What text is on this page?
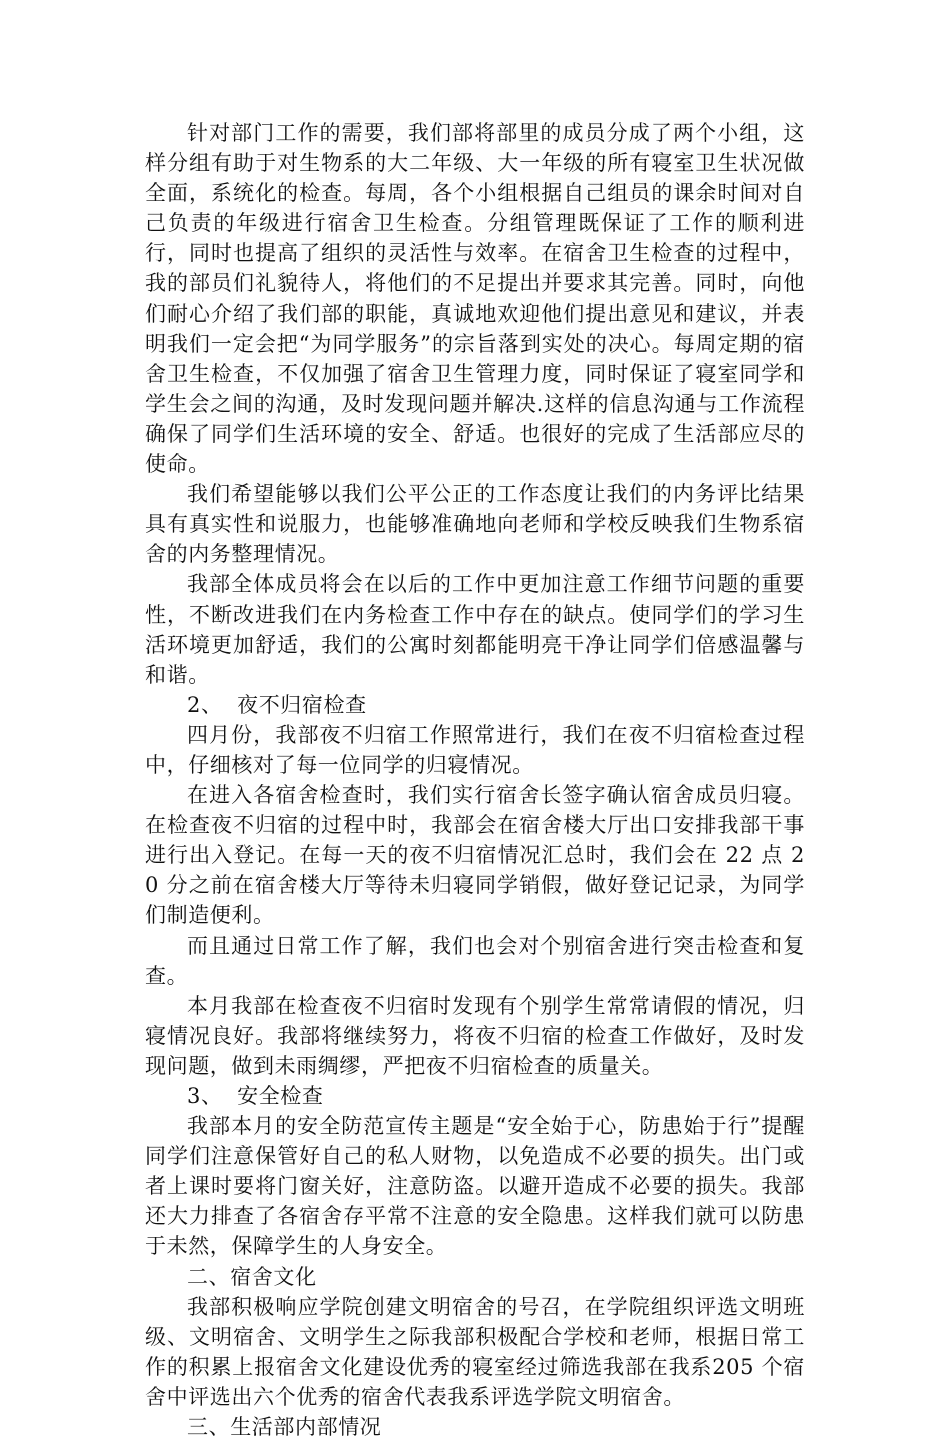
针对部门工作的需要，我们部将部里的成员分成了两个小组，这样分组有助于对生物系的大二年级、大一年级的所有寝室卫生状况做全面，系统化的检查。每周，各个小组根据自己组员的课余时间对自己负责的年级进行宿舍卫生检查。分组管理既保证了工作的顺利进行，同时也提高了组织的灵活性与效率。在宿舍卫生检查的过程中，我的部员们礼貌待人，将他们的不足提出并要求其完善。同时，向他们耐心介绍了我们部的职能，真诚地欢迎他们提出意见和建议，并表明我们一定会把“为同学服务”的宗旨落到实处的决心。每周定期的宿舍卫生检查，不仅加强了宿舍卫生管理力度，同时保证了寝室同学和学生会之间的沟通，及时发现问题并解决.这样的信息沟通与工作流程确保了同学们生活环境的安全、舒适。也很好的完成了生活部应尽的使命。

我们希望能够以我们公平公正的工作态度让我们的内务评比结果具有真实性和说服力，也能够准确地向老师和学校反映我们生物系宿舍的内务整理情况。

我部全体成员将会在以后的工作中更加注意工作细节问题的重要性，不断改进我们在内务检查工作中存在的缺点。使同学们的学习生活环境更加舒适，我们的公寓时刻都能明亮干净让同学们倍感温馨与和谐。

2、  夜不归宿检查

四月份，我部夜不归宿工作照常进行，我们在夜不归宿检查过程中，仔细核对了每一位同学的归寝情况。

在进入各宿舍检查时，我们实行宿舍长签字确认宿舍成员归寝。在检查夜不归宿的过程中时，我部会在宿舍楼大厅出口安排我部干事进行出入登记。在每一天的夜不归宿情况汇总时，我们会在 22 点 20 分之前在宿舍楼大厅等待未归寝同学销假，做好登记记录，为同学们制造便利。

而且通过日常工作了解，我们也会对个别宿舍进行突击检查和复查。

本月我部在检查夜不归宿时发现有个别学生常常请假的情况，归寝情况良好。我部将继续努力，将夜不归宿的检查工作做好，及时发现问题，做到未雨绸缪，严把夜不归宿检查的质量关。

3、  安全检查

我部本月的安全防范宣传主题是“安全始于心，防患始于行”提醒同学们注意保管好自己的私人财物，以免造成不必要的损失。出门或者上课时要将门窗关好，注意防盗。以避开造成不必要的损失。我部还大力排查了各宿舍存平常不注意的安全隐患。这样我们就可以防患于未然，保障学生的人身安全。

二、宿舍文化

我部积极响应学院创建文明宿舍的号召，在学院组织评选文明班级、文明宿舍、文明学生之际我部积极配合学校和老师，根据日常工作的积累上报宿舍文化建设优秀的寝室经过筛选我部在我系205 个宿舍中评选出六个优秀的宿舍代表我系评选学院文明宿舍。

三、生活部内部情况
